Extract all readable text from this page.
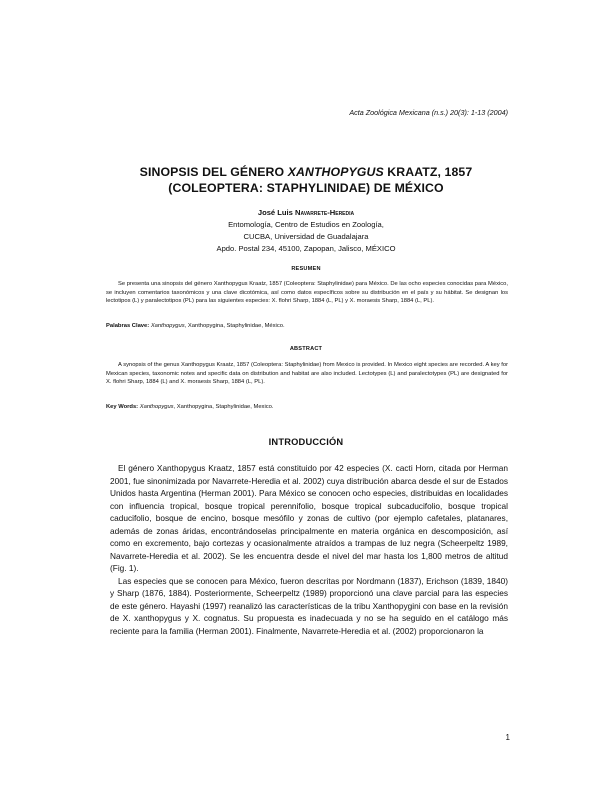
Acta Zoológica Mexicana (n.s.) 20(3): 1-13 (2004)
SINOPSIS DEL GÉNERO XANTHOPYGUS KRAATZ, 1857
(COLEOPTERA: STAPHYLINIDAE) DE MÉXICO
José Luis Navarrete-Heredia
Entomología, Centro de Estudios en Zoología,
CUCBA, Universidad de Guadalajara
Apdo. Postal 234, 45100, Zapopan, Jalisco, MÉXICO
RESUMEN
Se presenta una sinopsis del género Xanthopygus Kraatz, 1857 (Coleoptera: Staphylinidae) para México. De las ocho especies conocidas para México, se incluyen comentarios taxonómicos y una clave dicotómica, así como datos específicos sobre su distribución en el país y su hábitat. Se designan los lectotipos (L) y paralectotipos (PL) para las siguientes especies: X. flohri Sharp, 1884 (L, PL) y X. moraesis Sharp, 1884 (L, PL).
Palabras Clave: Xanthopygus, Xanthopygina, Staphylinidae, México.
ABSTRACT
A synopsis of the genus Xanthopygus Kraatz, 1857 (Coleoptera: Staphylinidae) from Mexico is provided. In Mexico eight species are recorded. A key for Mexican species, taxonomic notes and specific data on distribution and habitat are also included. Lectotypes (L) and paralectotypes (PL) are designated for X. flohri Sharp, 1884 (L) and X. moraesis Sharp, 1884 (L, PL).
Key Words: Xanthopygus, Xanthopygina, Staphylinidae, Mexico.
INTRODUCCIÓN

El género Xanthopygus Kraatz, 1857 está constituido por 42 especies (X. cacti Horn, citada por Herman 2001, fue sinonimizada por Navarrete-Heredia et al. 2002) cuya distribución abarca desde el sur de Estados Unidos hasta Argentina (Herman 2001). Para México se conocen ocho especies, distribuidas en localidades con influencia tropical, bosque tropical perennifolio, bosque tropical subcaducifolio, bosque tropical caducifolio, bosque de encino, bosque mesófilo y zonas de cultivo (por ejemplo cafetales, platanares, además de zonas áridas, encontrándoselas principalmente en materia orgánica en descomposición, así como en excremento, bajo cortezas y ocasionalmente atraídos a trampas de luz negra (Scheerpeltz 1989, Navarrete-Heredia et al. 2002). Se les encuentra desde el nivel del mar hasta los 1,800 metros de altitud (Fig. 1).

Las especies que se conocen para México, fueron descritas por Nordmann (1837), Erichson (1839, 1840) y Sharp (1876, 1884). Posteriormente, Scheerpeltz (1989) proporcionó una clave parcial para las especies de este género. Hayashi (1997) reanalizó las características de la tribu Xanthopygini con base en la revisión de X. xanthopygus y X. cognatus. Su propuesta es inadecuada y no se ha seguido en el catálogo más reciente para la familia (Herman 2001). Finalmente, Navarrete-Heredia et al. (2002) proporcionaron la

1
